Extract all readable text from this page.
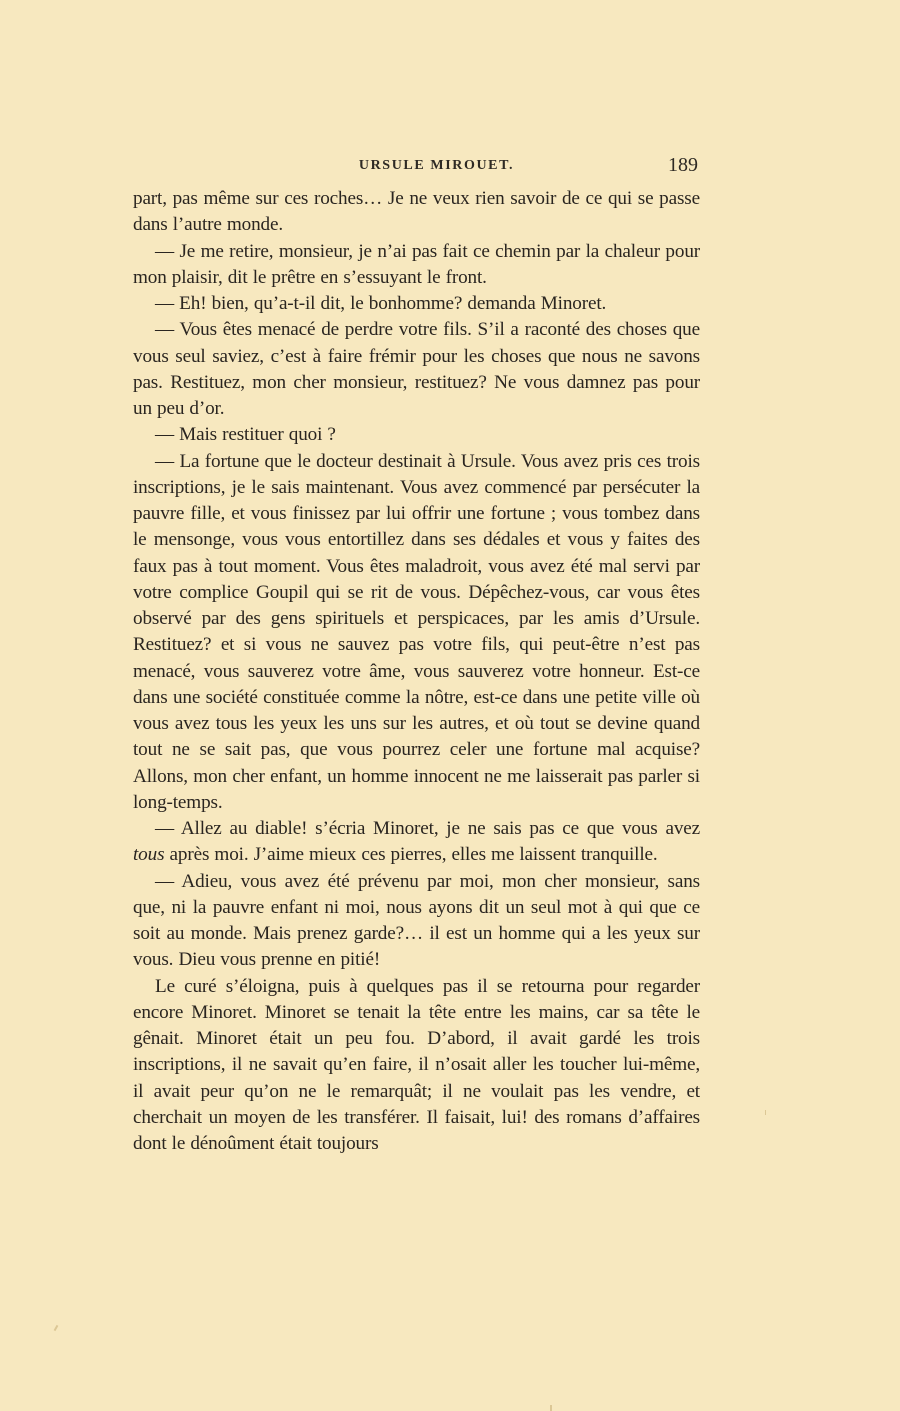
URSULE MIROUET.	189

part, pas même sur ces roches… Je ne veux rien savoir de ce qui se passe dans l’autre monde.

— Je me retire, monsieur, je n’ai pas fait ce chemin par la chaleur pour mon plaisir, dit le prêtre en s’essuyant le front.

— Eh! bien, qu’a-t-il dit, le bonhomme? demanda Minoret.

— Vous êtes menacé de perdre votre fils. S’il a raconté des choses que vous seul saviez, c’est à faire frémir pour les choses que nous ne savons pas. Restituez, mon cher monsieur, restituez? Ne vous damnez pas pour un peu d’or.

— Mais restituer quoi ?

— La fortune que le docteur destinait à Ursule. Vous avez pris ces trois inscriptions, je le sais maintenant. Vous avez commencé par persécuter la pauvre fille, et vous finissez par lui offrir une fortune ; vous tombez dans le mensonge, vous vous entortillez dans ses dédales et vous y faites des faux pas à tout moment. Vous êtes maladroit, vous avez été mal servi par votre complice Goupil qui se rit de vous. Dépêchez-vous, car vous êtes observé par des gens spirituels et perspicaces, par les amis d’Ursule. Restituez? et si vous ne sauvez pas votre fils, qui peut-être n’est pas menacé, vous sauverez votre âme, vous sauverez votre honneur. Est-ce dans une société constituée comme la nôtre, est-ce dans une petite ville où vous avez tous les yeux les uns sur les autres, et où tout se devine quand tout ne se sait pas, que vous pourrez celer une fortune mal acquise? Allons, mon cher enfant, un homme innocent ne me laisserait pas parler si long-temps.

— Allez au diable! s’écria Minoret, je ne sais pas ce que vous avez tous après moi. J’aime mieux ces pierres, elles me laissent tranquille.

— Adieu, vous avez été prévenu par moi, mon cher monsieur, sans que, ni la pauvre enfant ni moi, nous ayons dit un seul mot à qui que ce soit au monde. Mais prenez garde?… il est un homme qui a les yeux sur vous. Dieu vous prenne en pitié!

Le curé s’éloigna, puis à quelques pas il se retourna pour regarder encore Minoret. Minoret se tenait la tête entre les mains, car sa tête le gênait. Minoret était un peu fou. D’abord, il avait gardé les trois inscriptions, il ne savait qu’en faire, il n’osait aller les toucher lui-même, il avait peur qu’on ne le remarquât; il ne voulait pas les vendre, et cherchait un moyen de les transférer. Il faisait, lui! des romans d’affaires dont le dénoûment était toujours
